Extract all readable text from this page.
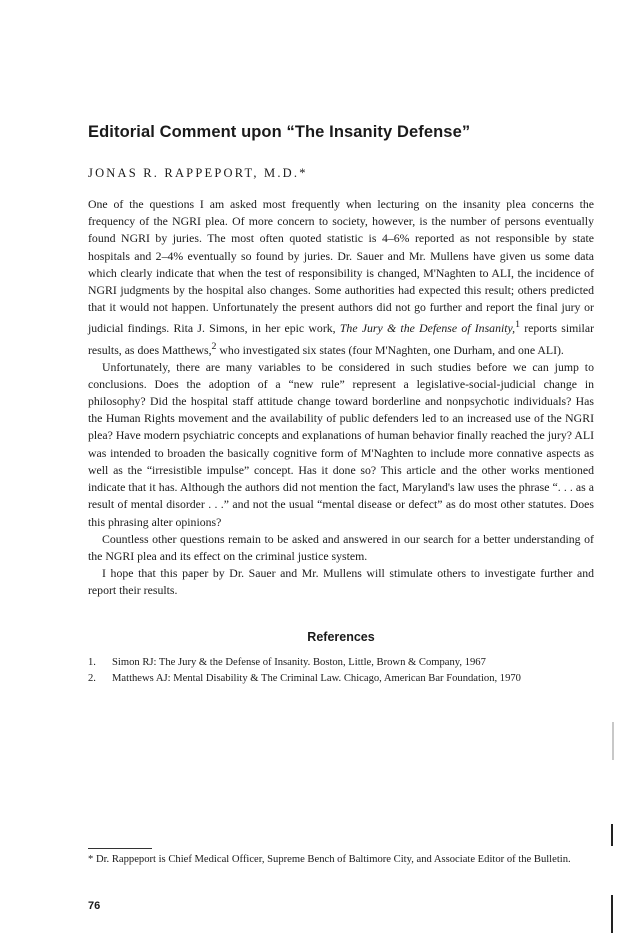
Editorial Comment upon “The Insanity Defense”

JONAS R. RAPPEPORT, M.D.*

One of the questions I am asked most frequently when lecturing on the insanity plea concerns the frequency of the NGRI plea. Of more concern to society, however, is the number of persons eventually found NGRI by juries. The most often quoted statistic is 4–6% reported as not responsible by state hospitals and 2–4% eventually so found by juries. Dr. Sauer and Mr. Mullens have given us some data which clearly indicate that when the test of responsibility is changed, M'Naghten to ALI, the incidence of NGRI judgments by the hospital also changes. Some authorities had expected this result; others predicted that it would not happen. Unfortunately the present authors did not go further and report the final jury or judicial findings. Rita J. Simons, in her epic work, The Jury & the Defense of Insanity,$^1$ reports similar results, as does Matthews,$^2$ who investigated six states (four M'Naghten, one Durham, and one ALI).

Unfortunately, there are many variables to be considered in such studies before we can jump to conclusions. Does the adoption of a “new rule” represent a legislative-social-judicial change in philosophy? Did the hospital staff attitude change toward borderline and nonpsychotic individuals? Has the Human Rights movement and the availability of public defenders led to an increased use of the NGRI plea? Have modern psychiatric concepts and explanations of human behavior finally reached the jury? ALI was intended to broaden the basically cognitive form of M'Naghten to include more connative aspects as well as the “irresistible impulse” concept. Has it done so? This article and the other works mentioned indicate that it has. Although the authors did not mention the fact, Maryland's law uses the phrase “. . . as a result of mental disorder . . .” and not the usual “mental disease or defect” as do most other statutes. Does this phrasing alter opinions?

Countless other questions remain to be asked and answered in our search for a better understanding of the NGRI plea and its effect on the criminal justice system.

I hope that this paper by Dr. Sauer and Mr. Mullens will stimulate others to investigate further and report their results.

References
1. Simon RJ: The Jury & the Defense of Insanity. Boston, Little, Brown & Company, 1967
2. Matthews AJ: Mental Disability & The Criminal Law. Chicago, American Bar Foundation, 1970

* Dr. Rappeport is Chief Medical Officer, Supreme Bench of Baltimore City, and Associate Editor of the Bulletin.

76
